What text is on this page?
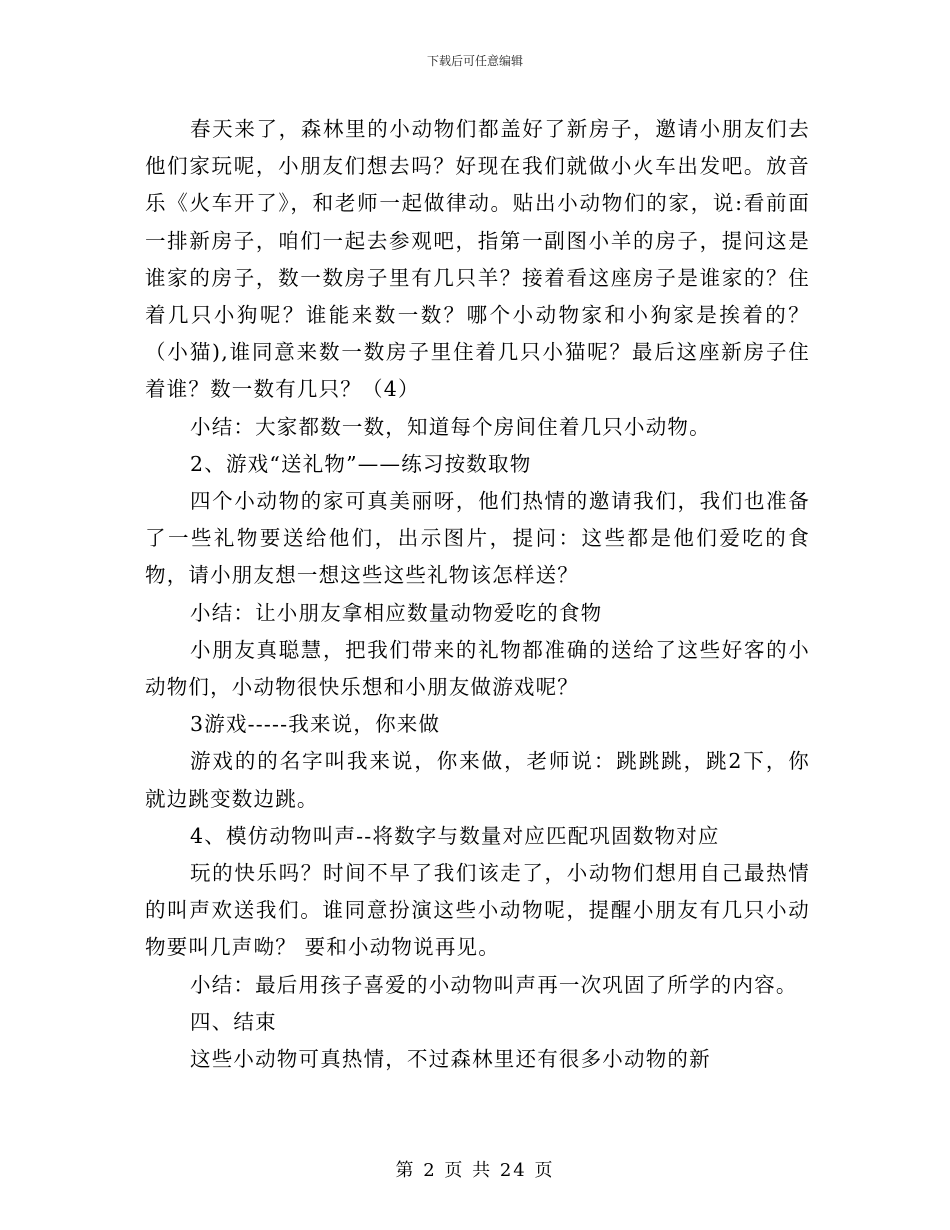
下载后可任意编辑

春天来了，森林里的小动物们都盖好了新房子，邀请小朋友们去他们家玩呢，小朋友们想去吗？好现在我们就做小火车出发吧。放音乐《火车开了》，和老师一起做律动。贴出小动物们的家，说:看前面一排新房子，咱们一起去参观吧，指第一副图小羊的房子，提问这是谁家的房子，数一数房子里有几只羊？接着看这座房子是谁家的？住着几只小狗呢？谁能来数一数？哪个小动物家和小狗家是挨着的？（小猫),谁同意来数一数房子里住着几只小猫呢？最后这座新房子住着谁？数一数有几只？（4）

小结：大家都数一数，知道每个房间住着几只小动物。

2、游戏“送礼物”——练习按数取物

四个小动物的家可真美丽呀，他们热情的邀请我们，我们也准备了一些礼物要送给他们，出示图片，提问：这些都是他们爱吃的食物，请小朋友想一想这些这些礼物该怎样送？

小结：让小朋友拿相应数量动物爱吃的食物

小朋友真聪慧，把我们带来的礼物都准确的送给了这些好客的小动物们，小动物很快乐想和小朋友做游戏呢？

3游戏-----我来说，你来做

游戏的的名字叫我来说，你来做，老师说：跳跳跳，跳2下，你就边跳变数边跳。

4、模仿动物叫声--将数字与数量对应匹配巩固数物对应

玩的快乐吗？时间不早了我们该走了，小动物们想用自己最热情的叫声欢送我们。谁同意扮演这些小动物呢，提醒小朋友有几只小动物要叫几声呦？ 要和小动物说再见。

小结：最后用孩子喜爱的小动物叫声再一次巩固了所学的内容。

四、结束

这些小动物可真热情，不过森林里还有很多小动物的新

第 2 页 共 24 页
